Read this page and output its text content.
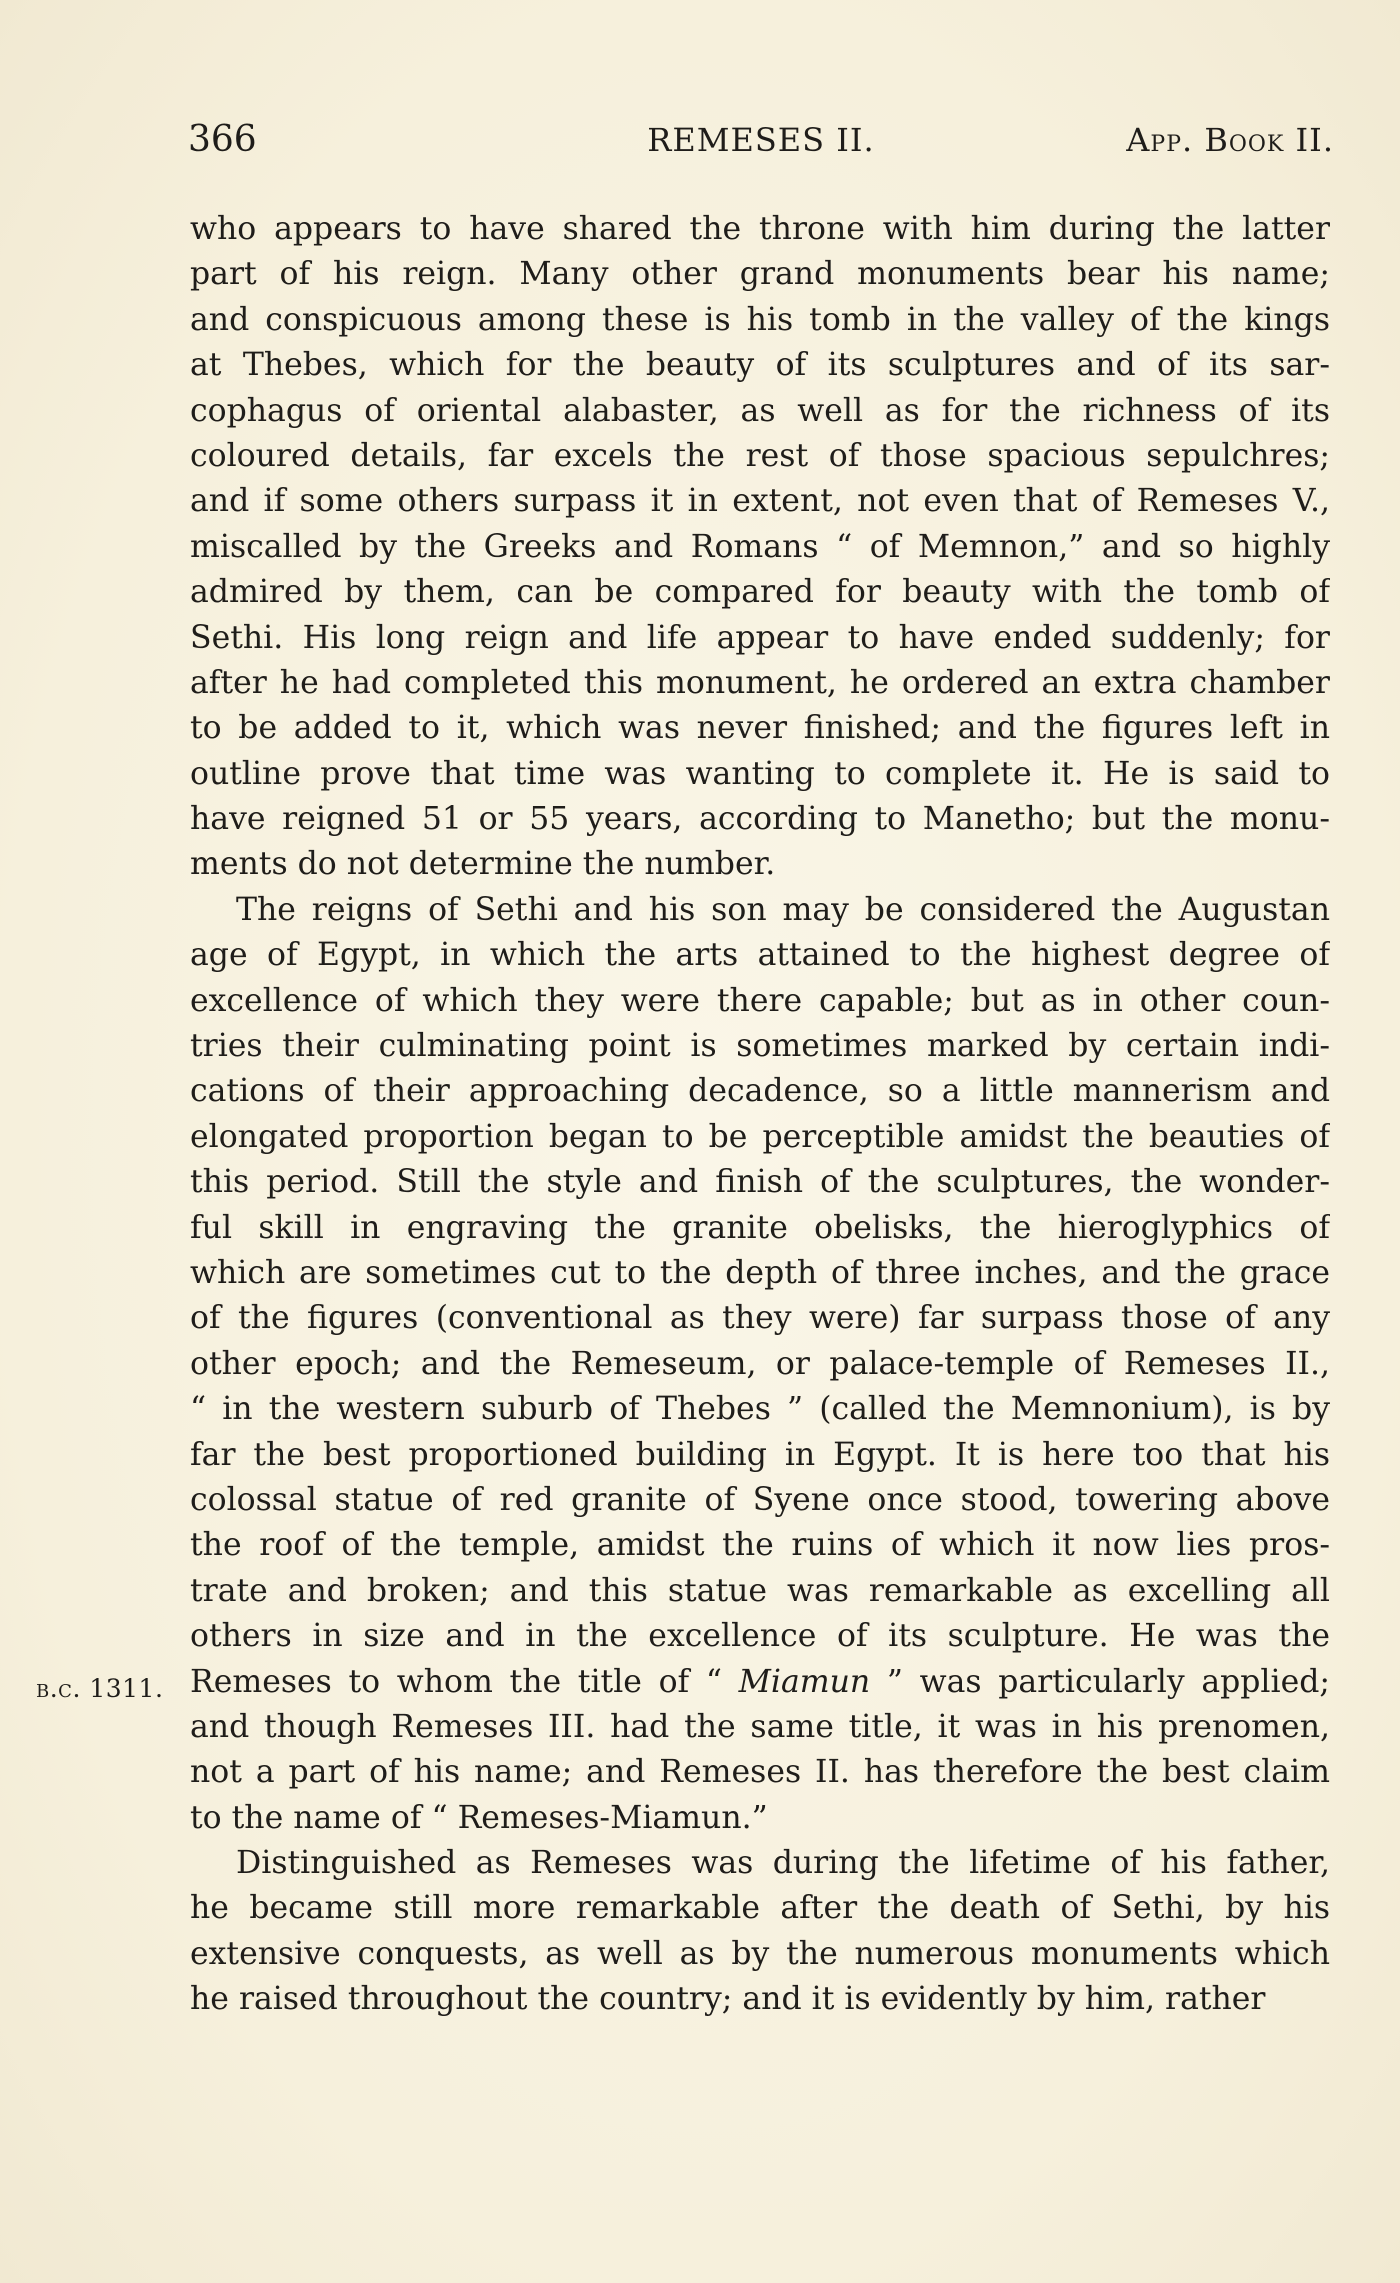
366	REMESES II.	App. Book II.
b.c. 1311.
who appears to have shared the throne with him during the latter
part of his reign. Many other grand monuments bear his name;
and conspicuous among these is his tomb in the valley of the kings
at Thebes, which for the beauty of its sculptures and of its sar-
cophagus of oriental alabaster, as well as for the richness of its
coloured details, far excels the rest of those spacious sepulchres;
and if some others surpass it in extent, not even that of Remeses V.,
miscalled by the Greeks and Romans “ of Memnon,” and so highly
admired by them, can be compared for beauty with the tomb of
Sethi. His long reign and life appear to have ended suddenly; for
after he had completed this monument, he ordered an extra chamber
to be added to it, which was never finished; and the figures left in
outline prove that time was wanting to complete it. He is said to
have reigned 51 or 55 years, according to Manetho; but the monu-
ments do not determine the number.
The reigns of Sethi and his son may be considered the Augustan
age of Egypt, in which the arts attained to the highest degree of
excellence of which they were there capable; but as in other coun-
tries their culminating point is sometimes marked by certain indi-
cations of their approaching decadence, so a little mannerism and
elongated proportion began to be perceptible amidst the beauties of
this period. Still the style and finish of the sculptures, the wonder-
ful skill in engraving the granite obelisks, the hieroglyphics of
which are sometimes cut to the depth of three inches, and the grace
of the figures (conventional as they were) far surpass those of any
other epoch; and the Remeseum, or palace-temple of Remeses II.,
“ in the western suburb of Thebes ” (called the Memnonium), is by
far the best proportioned building in Egypt. It is here too that his
colossal statue of red granite of Syene once stood, towering above
the roof of the temple, amidst the ruins of which it now lies pros-
trate and broken; and this statue was remarkable as excelling all
others in size and in the excellence of its sculpture. He was the
Remeses to whom the title of “ Miamun ” was particularly applied;
and though Remeses III. had the same title, it was in his prenomen,
not a part of his name; and Remeses II. has therefore the best claim
to the name of “ Remeses-Miamun.”
Distinguished as Remeses was during the lifetime of his father,
he became still more remarkable after the death of Sethi, by his
extensive conquests, as well as by the numerous monuments which
he raised throughout the country; and it is evidently by him, rather
